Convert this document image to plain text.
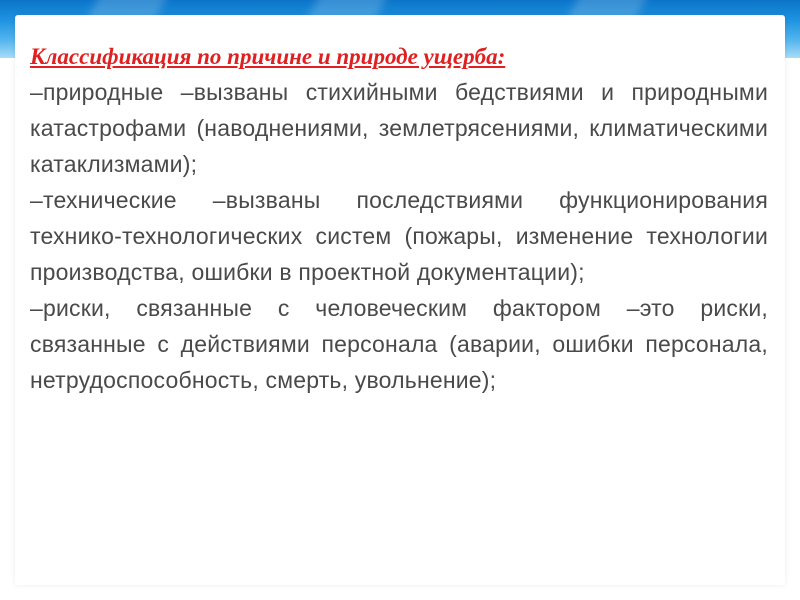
Классификация по причине и природе ущерба:

–природные –вызваны стихийными бедствиями и природными катастрофами (наводнениями, землетрясениями, климатическими катаклизмами);

–технические –вызваны последствиями функционирования технико-технологических систем (пожары, изменение технологии производства, ошибки в проектной документации);

–риски, связанные с человеческим фактором –это риски, связанные с действиями персонала (аварии, ошибки персонала, нетрудоспособность, смерть, увольнение);
